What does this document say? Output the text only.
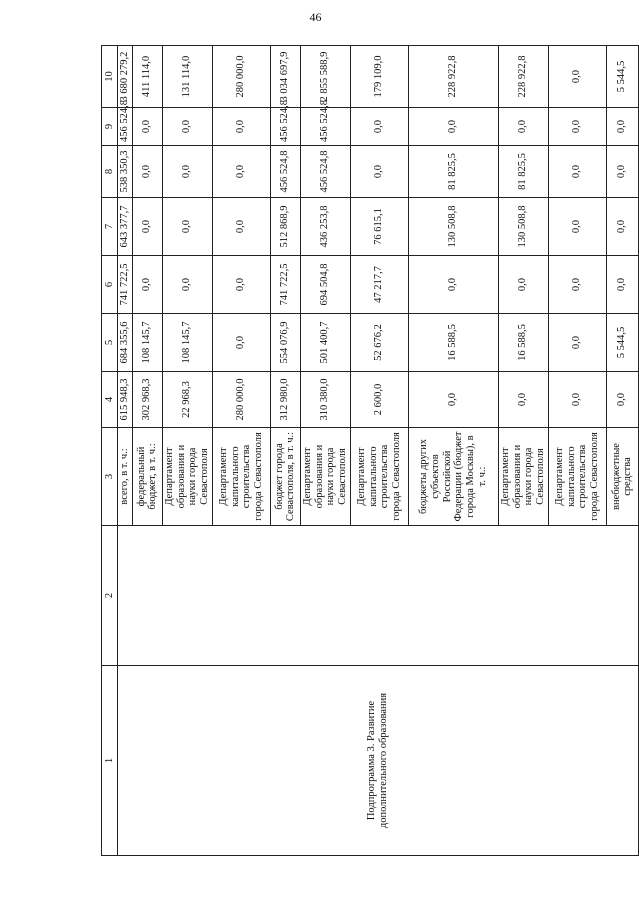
46
1	2	3	4	5	6	7	8	9	10
Подпрограмма 3. Развитие дополнительного образования		всего, в т. ч.:	615 948,3	684 355,6	741 722,5	643 377,7	538 350,3	456 524,8	3 680 279,2
		федеральный бюджет, в т. ч.:	302 968,3	108 145,7	0,0	0,0	0,0	0,0	411 114,0
		Департамент образования и науки города Севастополя	22 968,3	108 145,7	0,0	0,0	0,0	0,0	131 114,0
		Департамент капитального строительства города Севастополя	280 000,0	0,0	0,0	0,0	0,0	0,0	280 000,0
		бюджет города Севастополя, в т. ч.:	312 980,0	554 076,9	741 722,5	512 868,9	456 524,8	456 524,8	3 034 697,9
		Департамент образования и науки города Севастополя	310 380,0	501 400,7	694 504,8	436 253,8	456 524,8	456 524,8	2 855 588,9
		Департамент капитального строительства города Севастополя	2 600,0	52 676,2	47 217,7	76 615,1	0,0	0,0	179 109,0
		бюджеты других субъектов Российской Федерации (бюджет города Москвы), в т. ч.:	0,0	16 588,5	0,0	130 508,8	81 825,5	0,0	228 922,8
		Департамент образования и науки города Севастополя	0,0	16 588,5	0,0	130 508,8	81 825,5	0,0	228 922,8
		Департамент капитального строительства города Севастополя	0,0	0,0	0,0	0,0	0,0	0,0	0,0
		внебюджетные средства	0,0	5 544,5	0,0	0,0	0,0	0,0	5 544,5
